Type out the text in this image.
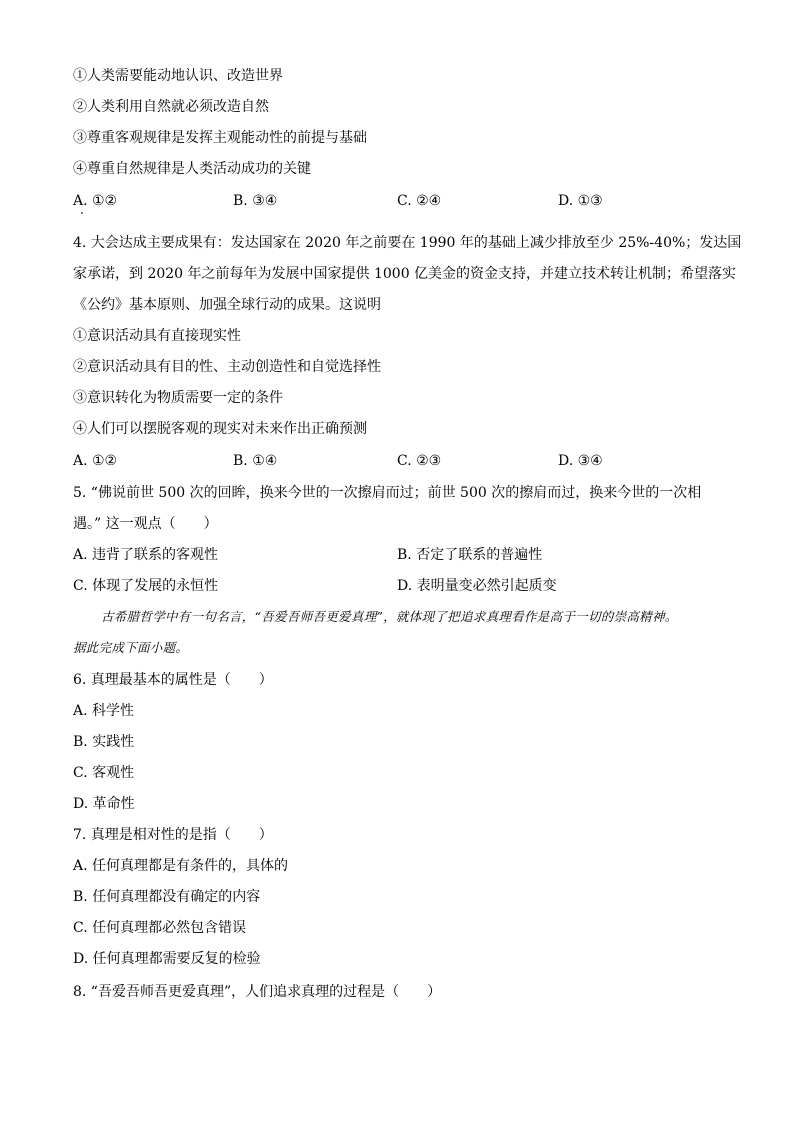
①人类需要能动地认识、改造世界
②人类利用自然就必须改造自然
③尊重客观规律是发挥主观能动性的前提与基础
④尊重自然规律是人类活动成功的关键
A. ①②	B. ③④	C. ②④	D. ①③
4. 大会达成主要成果有：发达国家在 2020 年之前要在 1990 年的基础上减少排放至少 25%-40%；发达国
家承诺，到 2020 年之前每年为发展中国家提供 1000 亿美金的资金支持，并建立技术转让机制；希望落实
《公约》基本原则、加强全球行动的成果。这说明
①意识活动具有直接现实性
②意识活动具有目的性、主动创造性和自觉选择性
③意识转化为物质需要一定的条件
④人们可以摆脱客观的现实对未来作出正确预测
A. ①②	B. ①④	C. ②③	D. ③④
5. “佛说前世 500 次的回眸，换来今世的一次擦肩而过；前世 500 次的擦肩而过，换来今世的一次相
遇。” 这一观点（　　）
A. 违背了联系的客观性	B. 否定了联系的普遍性
C. 体现了发展的永恒性	D. 表明量变必然引起质变
古希腊哲学中有一句名言，“吾爱吾师吾更爱真理”，就体现了把追求真理看作是高于一切的崇高精神。
据此完成下面小题。
6. 真理最基本的属性是（　　）
A. 科学性
B. 实践性
C. 客观性
D. 革命性
7. 真理是相对性的是指（　　）
A. 任何真理都是有条件的，具体的
B. 任何真理都没有确定的内容
C. 任何真理都必然包含错误
D. 任何真理都需要反复的检验
8. “吾爱吾师吾更爱真理”，人们追求真理的过程是（　　）
